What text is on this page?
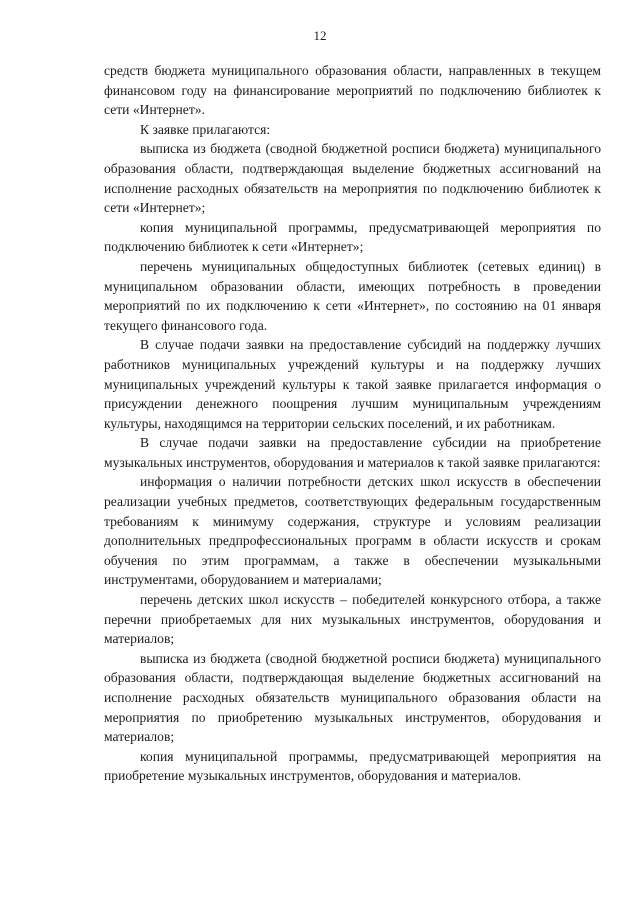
12

средств бюджета муниципального образования области, направленных в текущем финансовом году на финансирование мероприятий по подключению библиотек к сети «Интернет».

К заявке прилагаются:

выписка из бюджета (сводной бюджетной росписи бюджета) муниципального образования области, подтверждающая выделение бюджетных ассигнований на исполнение расходных обязательств на мероприятия по подключению библиотек к сети «Интернет»;

копия муниципальной программы, предусматривающей мероприятия по подключению библиотек к сети «Интернет»;

перечень муниципальных общедоступных библиотек (сетевых единиц) в муниципальном образовании области, имеющих потребность в проведении мероприятий по их подключению к сети «Интернет», по состоянию на 01 января текущего финансового года.

В случае подачи заявки на предоставление субсидий на поддержку лучших работников муниципальных учреждений культуры и на поддержку лучших муниципальных учреждений культуры к такой заявке прилагается информация о присуждении денежного поощрения лучшим муниципальным учреждениям культуры, находящимся на территории сельских поселений, и их работникам.

В случае подачи заявки на предоставление субсидии на приобретение музыкальных инструментов, оборудования и материалов к такой заявке прилагаются:

информация о наличии потребности детских школ искусств в обеспечении реализации учебных предметов, соответствующих федеральным государственным требованиям к минимуму содержания, структуре и условиям реализации дополнительных предпрофессиональных программ в области искусств и срокам обучения по этим программам, а также в обеспечении музыкальными инструментами, оборудованием и материалами;

перечень детских школ искусств – победителей конкурсного отбора, а также перечни приобретаемых для них музыкальных инструментов, оборудования и материалов;

выписка из бюджета (сводной бюджетной росписи бюджета) муниципального образования области, подтверждающая выделение бюджетных ассигнований на исполнение расходных обязательств муниципального образования области на мероприятия по приобретению музыкальных инструментов, оборудования и материалов;

копия муниципальной программы, предусматривающей мероприятия на приобретение музыкальных инструментов, оборудования и материалов.
